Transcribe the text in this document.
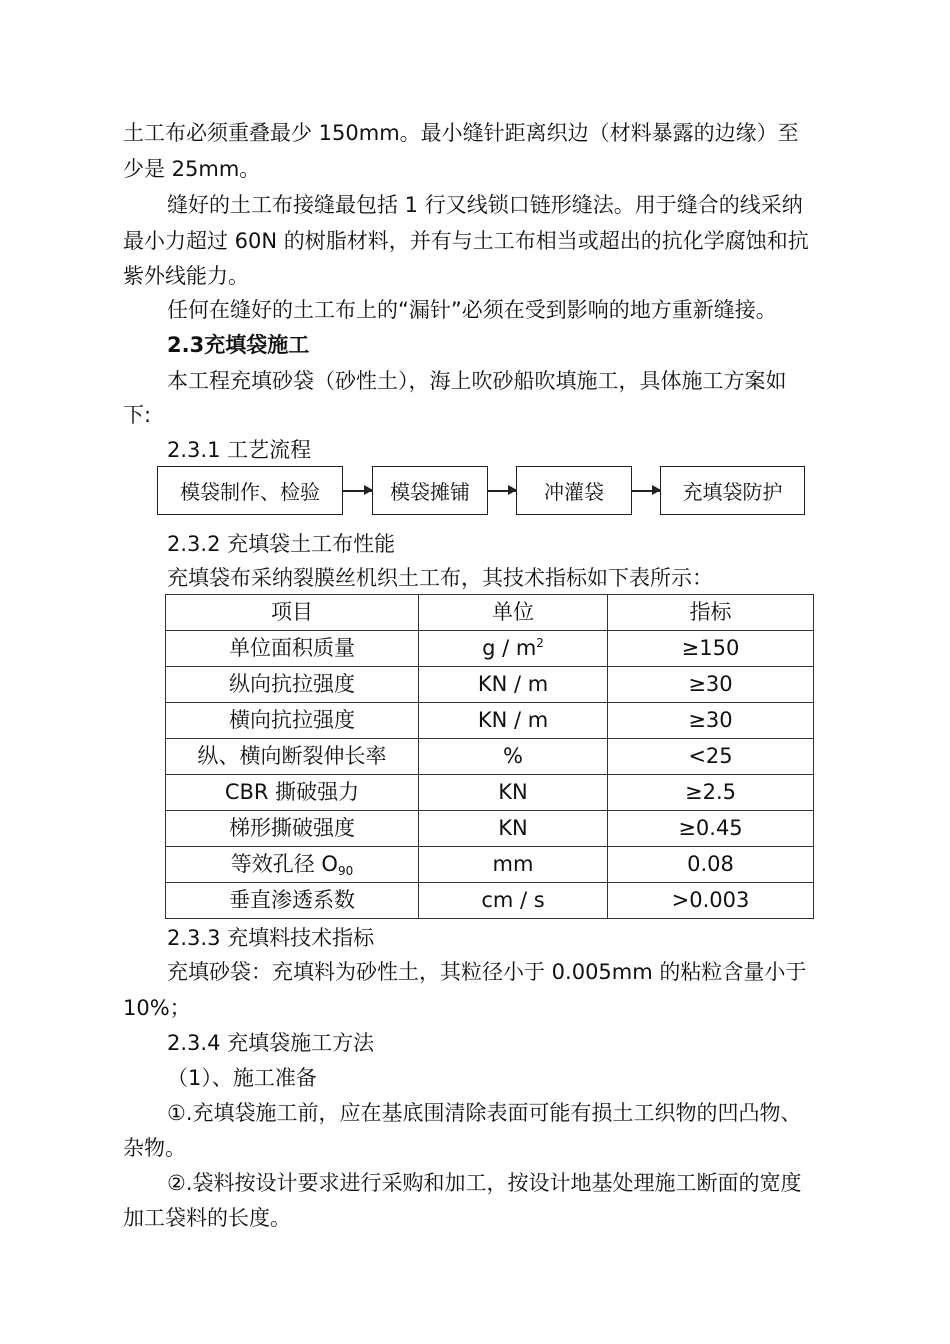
土工布必须重叠最少 150mm。最小缝针距离织边（材料暴露的边缘）至
少是 25mm。
缝好的土工布接缝最包括 1 行又线锁口链形缝法。用于缝合的线采纳
最小力超过 60N 的树脂材料，并有与土工布相当或超出的抗化学腐蚀和抗
紫外线能力。
任何在缝好的土工布上的“漏针”必须在受到影响的地方重新缝接。
2.3充填袋施工
本工程充填砂袋（砂性土），海上吹砂船吹填施工，具体施工方案如
下:
2.3.1 工艺流程
模袋制作、检验	模袋摊铺	冲灌袋	充填袋防护
2.3.2 充填袋土工布性能
充填袋布采纳裂膜丝机织土工布，其技术指标如下表所示：
项目	单位	指标
单位面积质量	g / $m^2$	≥150
纵向抗拉强度	KN / m	≥30
横向抗拉强度	KN / m	≥30
纵、横向断裂伸长率	%	<25
CBR 撕破强力	KN	≥2.5
梯形撕破强度	KN	≥0.45
等效孔径 $O_{90}$	mm	0.08
垂直渗透系数	cm / s	>0.003
2.3.3 充填料技术指标
充填砂袋：充填料为砂性土，其粒径小于 0.005mm 的粘粒含量小于
10%；
2.3.4 充填袋施工方法
（1）、施工准备
①.充填袋施工前，应在基底围清除表面可能有损土工织物的凹凸物、
杂物。
②.袋料按设计要求进行采购和加工，按设计地基处理施工断面的宽度
加工袋料的长度。
